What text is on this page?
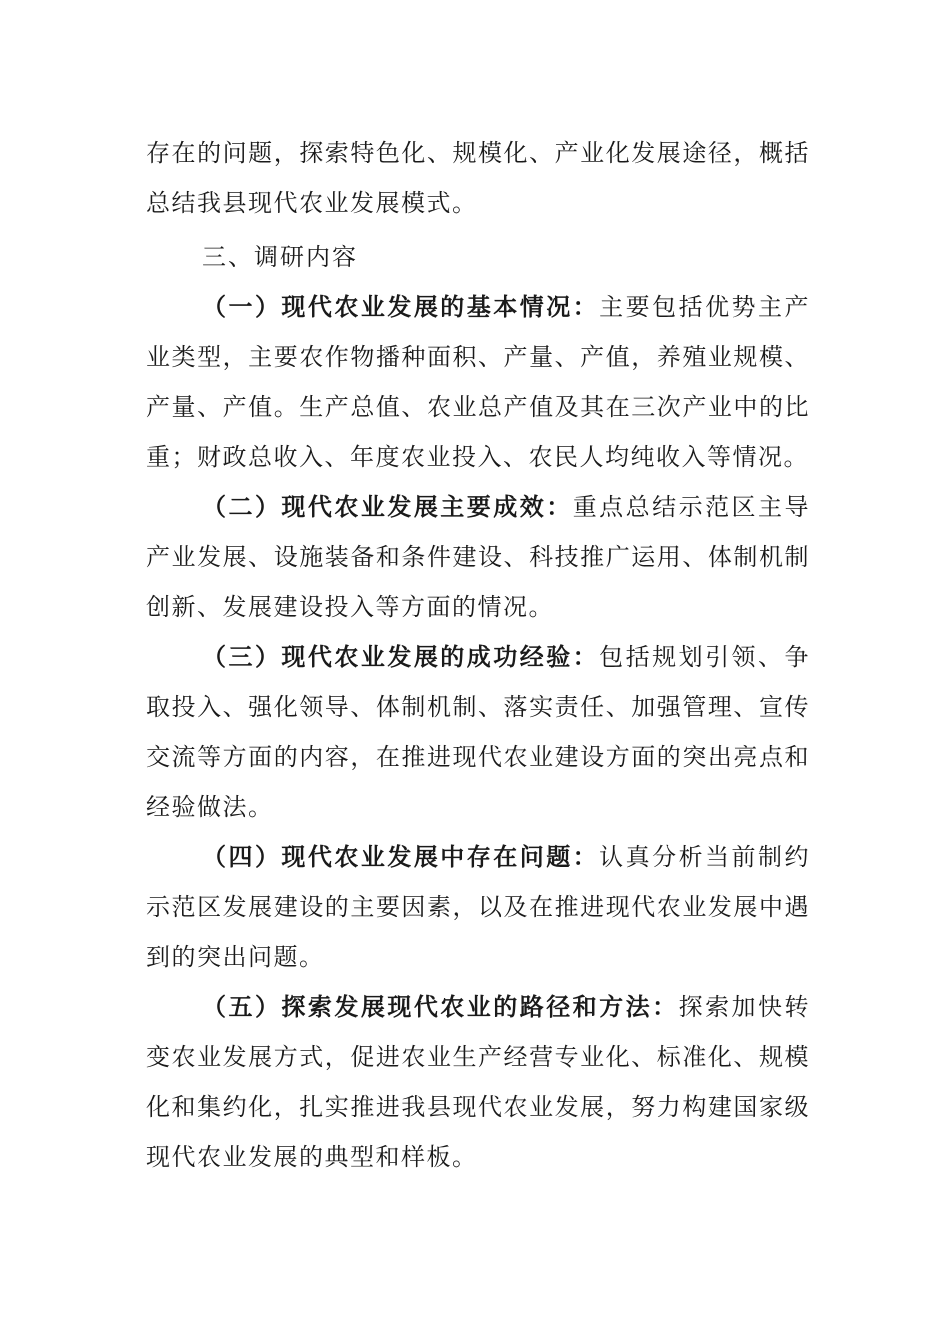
存在的问题，探索特色化、规模化、产业化发展途径，概括总结我县现代农业发展模式。

三、调研内容

（一）现代农业发展的基本情况：主要包括优势主产业类型，主要农作物播种面积、产量、产值，养殖业规模、产量、产值。生产总值、农业总产值及其在三次产业中的比重；财政总收入、年度农业投入、农民人均纯收入等情况。

（二）现代农业发展主要成效：重点总结示范区主导产业发展、设施装备和条件建设、科技推广运用、体制机制创新、发展建设投入等方面的情况。

（三）现代农业发展的成功经验：包括规划引领、争取投入、强化领导、体制机制、落实责任、加强管理、宣传交流等方面的内容，在推进现代农业建设方面的突出亮点和经验做法。

（四）现代农业发展中存在问题：认真分析当前制约示范区发展建设的主要因素，以及在推进现代农业发展中遇到的突出问题。

（五）探索发展现代农业的路径和方法：探索加快转变农业发展方式，促进农业生产经营专业化、标准化、规模化和集约化，扎实推进我县现代农业发展，努力构建国家级现代农业发展的典型和样板。
